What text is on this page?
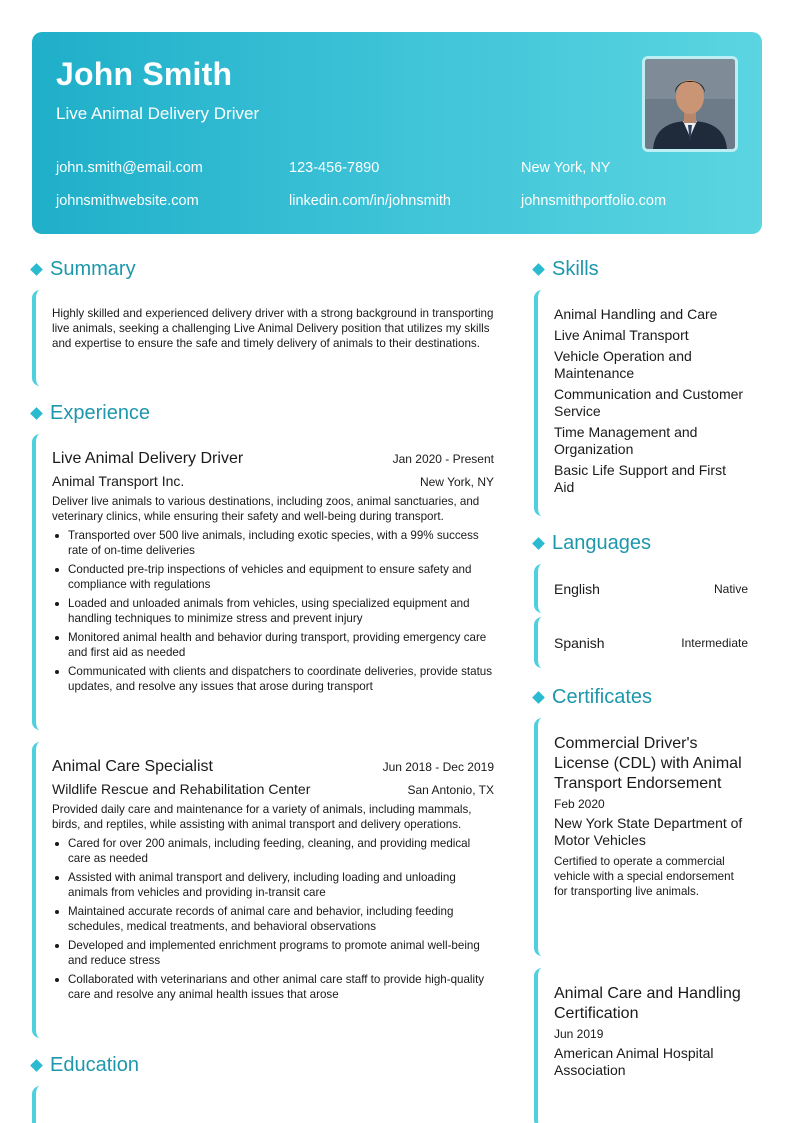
John Smith
Live Animal Delivery Driver
john.smith@email.com	123-456-7890	New York, NY
johnsmithwebsite.com	linkedin.com/in/johnsmith	johnsmithportfolio.com
Summary
Highly skilled and experienced delivery driver with a strong background in transporting live animals, seeking a challenging Live Animal Delivery position that utilizes my skills and expertise to ensure the safe and timely delivery of animals to their destinations.
Experience
Live Animal Delivery Driver	Jan 2020 - Present
Animal Transport Inc.	New York, NY
Deliver live animals to various destinations, including zoos, animal sanctuaries, and veterinary clinics, while ensuring their safety and well-being during transport.
Transported over 500 live animals, including exotic species, with a 99% success rate of on-time deliveries
Conducted pre-trip inspections of vehicles and equipment to ensure safety and compliance with regulations
Loaded and unloaded animals from vehicles, using specialized equipment and handling techniques to minimize stress and prevent injury
Monitored animal health and behavior during transport, providing emergency care and first aid as needed
Communicated with clients and dispatchers to coordinate deliveries, provide status updates, and resolve any issues that arose during transport
Animal Care Specialist	Jun 2018 - Dec 2019
Wildlife Rescue and Rehabilitation Center	San Antonio, TX
Provided daily care and maintenance for a variety of animals, including mammals, birds, and reptiles, while assisting with animal transport and delivery operations.
Cared for over 200 animals, including feeding, cleaning, and providing medical care as needed
Assisted with animal transport and delivery, including loading and unloading animals from vehicles and providing in-transit care
Maintained accurate records of animal care and behavior, including feeding schedules, medical treatments, and behavioral observations
Developed and implemented enrichment programs to promote animal well-being and reduce stress
Collaborated with veterinarians and other animal care staff to provide high-quality care and resolve any animal health issues that arose
Education
Skills
Animal Handling and Care
Live Animal Transport
Vehicle Operation and Maintenance
Communication and Customer Service
Time Management and Organization
Basic Life Support and First Aid
Languages
English	Native
Spanish	Intermediate
Certificates
Commercial Driver's License (CDL) with Animal Transport Endorsement
Feb 2020
New York State Department of Motor Vehicles
Certified to operate a commercial vehicle with a special endorsement for transporting live animals.
Animal Care and Handling Certification
Jun 2019
American Animal Hospital Association
